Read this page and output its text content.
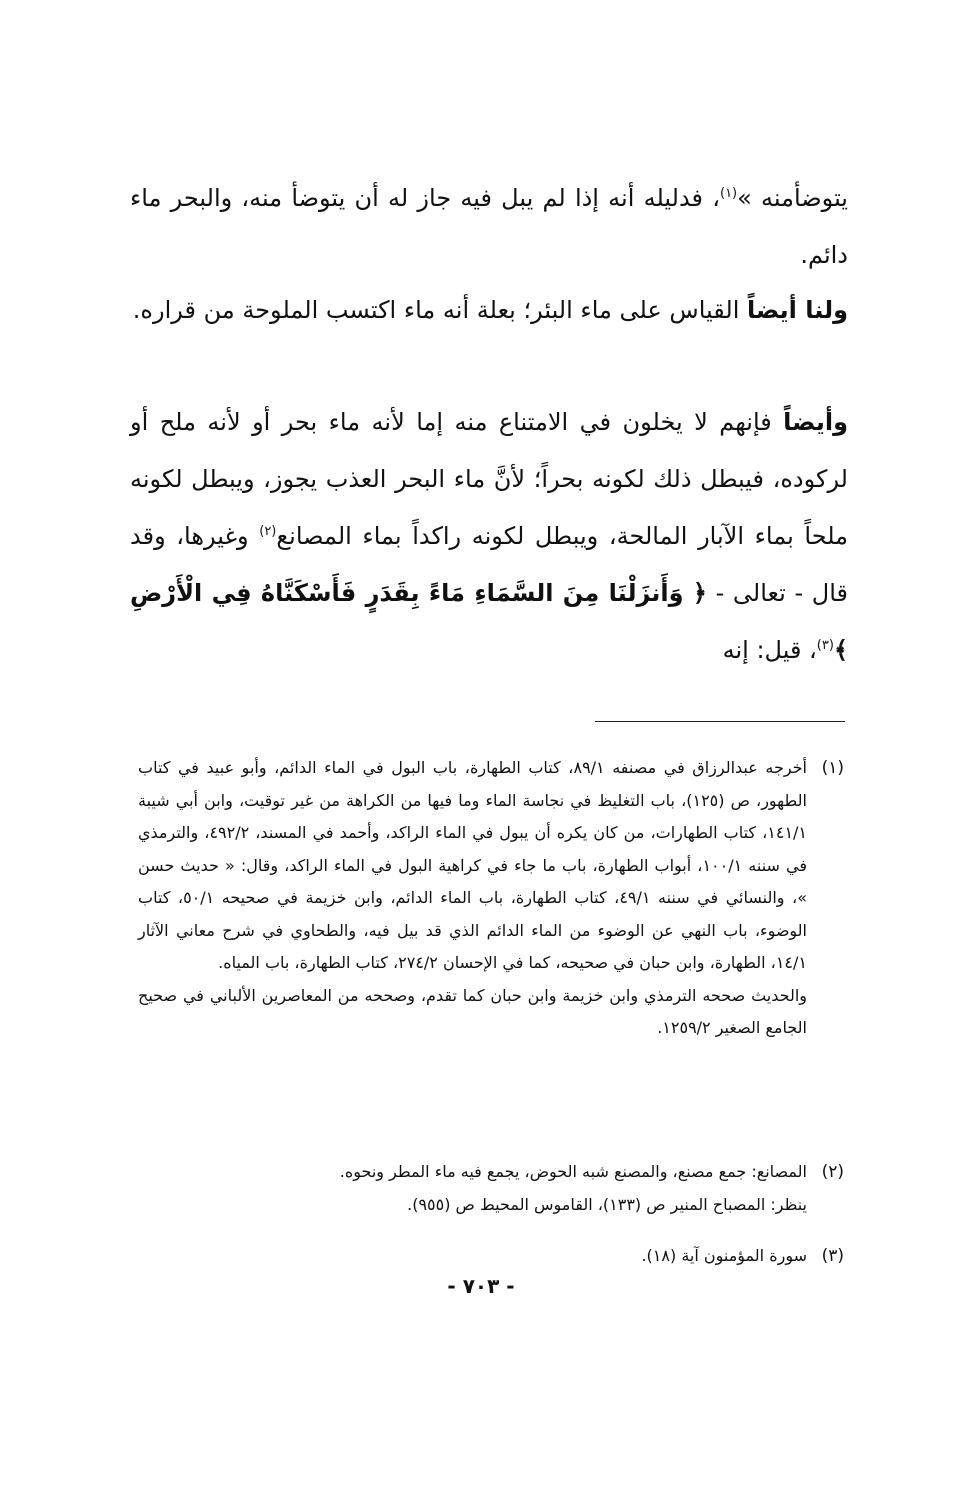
يتوضأمنه »$^{(١)}$، فدليله أنه إذا لم يبل فيه جاز له أن يتوضأ منه، والبحر ماء دائم.

ولنا أيضاً القياس على ماء البئر؛ بعلة أنه ماء اكتسب الملوحة من قراره.

وأيضاً فإنهم لا يخلون في الامتناع منه إما لأنه ماء بحر أو لأنه ملح أو لركوده، فيبطل ذلك لكونه بحراً؛ لأنَّ ماء البحر العذب يجوز، ويبطل لكونه ملحاً بماء الآبار المالحة، ويبطل لكونه راكداً بماء المصانع$^{(٢)}$ وغيرها، وقد قال - تعالى - ﴿ وَأَنزَلْنَا مِنَ السَّمَاءِ مَاءً بِقَدَرٍ فَأَسْكَنَّاهُ فِي الْأَرْضِ ﴾$^{(٣)}$، قيل: إنه

(١)

أخرجه عبدالرزاق في مصنفه ٨٩/١، كتاب الطهارة، باب البول في الماء الدائم، وأبو عبيد في كتاب الطهور، ص (١٢٥)، باب التغليظ في نجاسة الماء وما فيها من الكراهة من غير توقيت، وابن أبي شيبة ١٤١/١، كتاب الطهارات، من كان يكره أن يبول في الماء الراكد، وأحمد في المسند، ٤٩٢/٢، والترمذي في سننه ١٠٠/١، أبواب الطهارة، باب ما جاء في كراهية البول في الماء الراكد، وقال: « حديث حسن »، والنسائي في سننه ٤٩/١، كتاب الطهارة، باب الماء الدائم، وابن خزيمة في صحيحه ٥٠/١، كتاب الوضوء، باب النهي عن الوضوء من الماء الدائم الذي قد بيل فيه، والطحاوي في شرح معاني الآثار ١٤/١، الطهارة، وابن حبان في صحيحه، كما في الإحسان ٢٧٤/٢، كتاب الطهارة، باب المياه.

والحديث صححه الترمذي وابن خزيمة وابن حبان كما تقدم، وصححه من المعاصرين الألباني في صحيح الجامع الصغير ١٢٥٩/٢.

(٢)

المصانع: جمع مصنع، والمصنع شبه الحوض، يجمع فيه ماء المطر ونحوه.

ينظر: المصباح المنير ص (١٣٣)، القاموس المحيط ص (٩٥٥).

(٣)

سورة المؤمنون آية (١٨).

- ٧٠٣ -
